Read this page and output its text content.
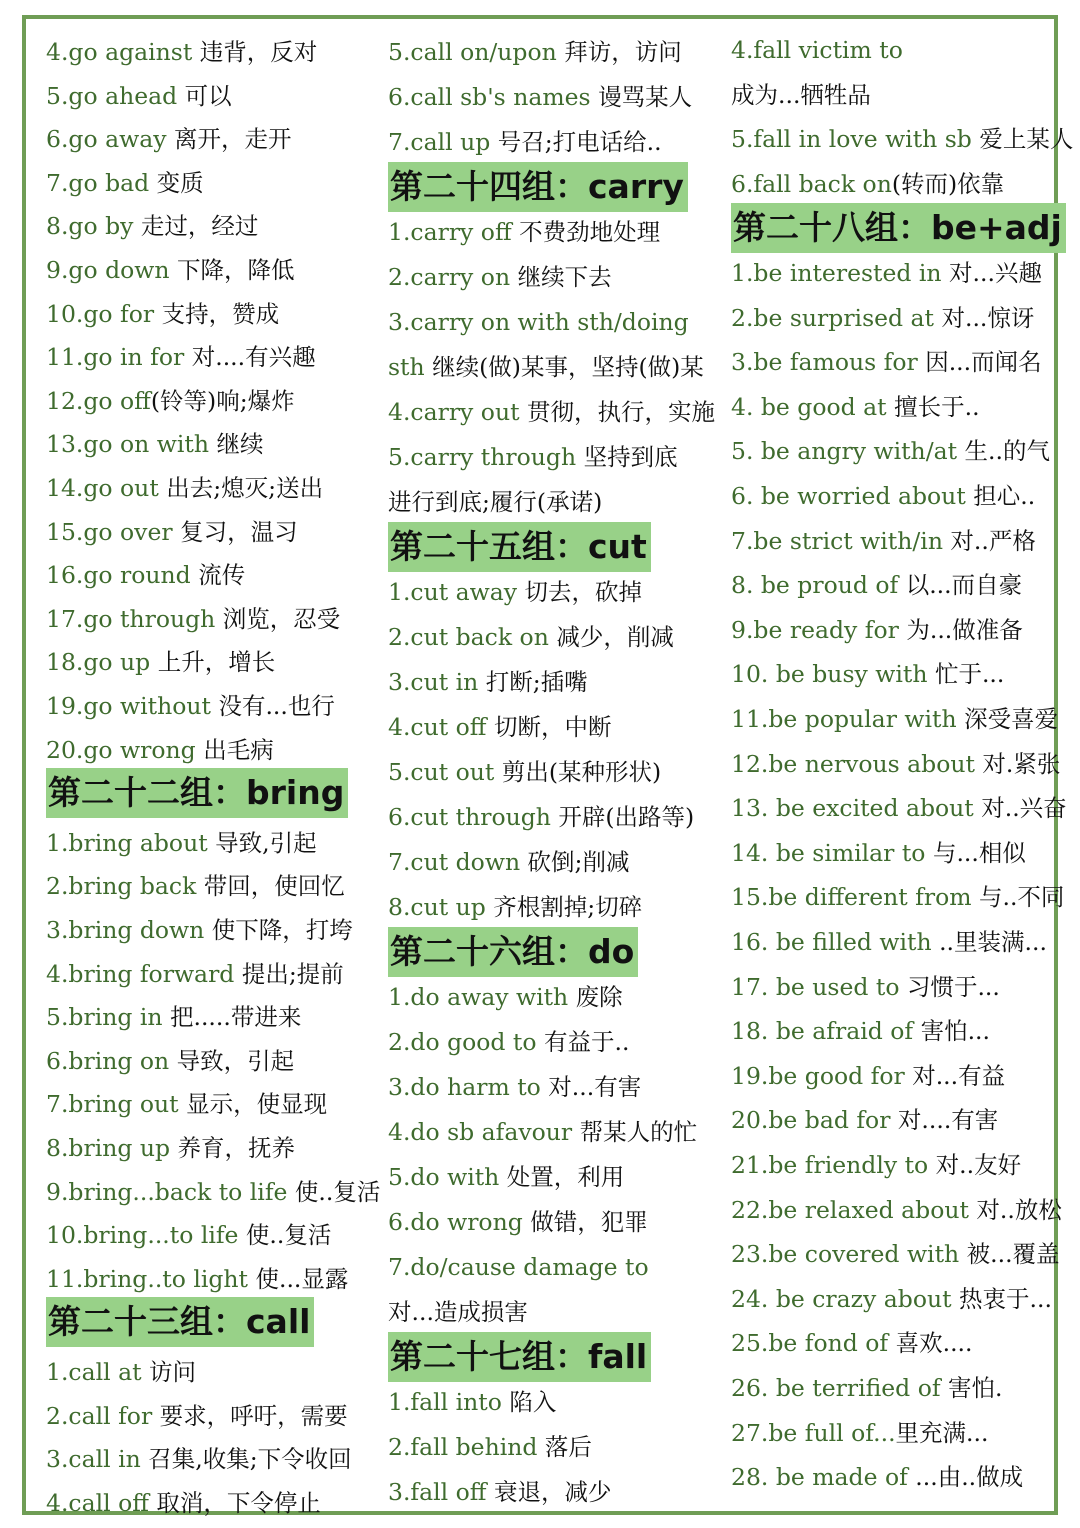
4.go against 违背，反对
5.go ahead 可以
6.go away 离开，走开
7.go bad 变质
8.go by 走过，经过
9.go down 下降，降低
10.go for 支持，赞成
11.go in for 对....有兴趣
12.go off(铃等)响;爆炸
13.go on with 继续
14.go out 出去;熄灭;送出
15.go over 复习，温习
16.go round 流传
17.go through 浏览，忍受
18.go up 上升，增长
19.go without 没有...也行
20.go wrong 出毛病
第二十二组：bring
1.bring about 导致,引起
2.bring back 带回，使回忆
3.bring down 使下降，打垮
4.bring forward 提出;提前
5.bring in 把.....带进来
6.bring on 导致，引起
7.bring out 显示，使显现
8.bring up 养育，抚养
9.bring...back to life 使..复活
10.bring...to life 使..复活
11.bring..to light 使...显露
第二十三组：call
1.call at 访问
2.call for 要求，呼吁，需要
3.call in 召集,收集;下令收回
4.call off 取消，下令停止
5.call on/upon 拜访，访问
6.call sb's names 谩骂某人
7.call up 号召;打电话给..
第二十四组：carry
1.carry off 不费劲地处理
2.carry on 继续下去
3.carry on with sth/doing
sth 继续(做)某事，坚持(做)某
4.carry out 贯彻，执行，实施
5.carry through 坚持到底
进行到底;履行(承诺)
第二十五组：cut
1.cut away 切去，砍掉
2.cut back on 减少，削减
3.cut in 打断;插嘴
4.cut off 切断，中断
5.cut out 剪出(某种形状)
6.cut through 开辟(出路等)
7.cut down 砍倒;削减
8.cut up 齐根割掉;切碎
第二十六组：do
1.do away with 废除
2.do good to 有益于..
3.do harm to 对...有害
4.do sb afavour 帮某人的忙
5.do with 处置，利用
6.do wrong 做错，犯罪
7.do/cause damage to
对...造成损害
第二十七组：fall
1.fall into 陷入
2.fall behind 落后
3.fall off 衰退，减少
4.fall victim to
成为...牺牲品
5.fall in love with sb 爱上某人
6.fall back on(转而)依靠
第二十八组：be+adj
1.be interested in 对...兴趣
2.be surprised at 对...惊讶
3.be famous for 因...而闻名
4. be good at 擅长于..
5. be angry with/at 生..的气
6. be worried about 担心..
7.be strict with/in 对..严格
8. be proud of 以...而自豪
9.be ready for 为...做准备
10. be busy with 忙于...
11.be popular with 深受喜爱
12.be nervous about 对.紧张
13. be excited about 对..兴奋
14. be similar to 与...相似
15.be different from 与..不同
16. be filled with ..里装满...
17. be used to 习惯于...
18. be afraid of 害怕...
19.be good for 对...有益
20.be bad for 对....有害
21.be friendly to 对..友好
22.be relaxed about 对..放松
23.be covered with 被...覆盖
24. be crazy about 热衷于...
25.be fond of 喜欢....
26. be terrified of 害怕.
27.be full of...里充满...
28. be made of ...由..做成
